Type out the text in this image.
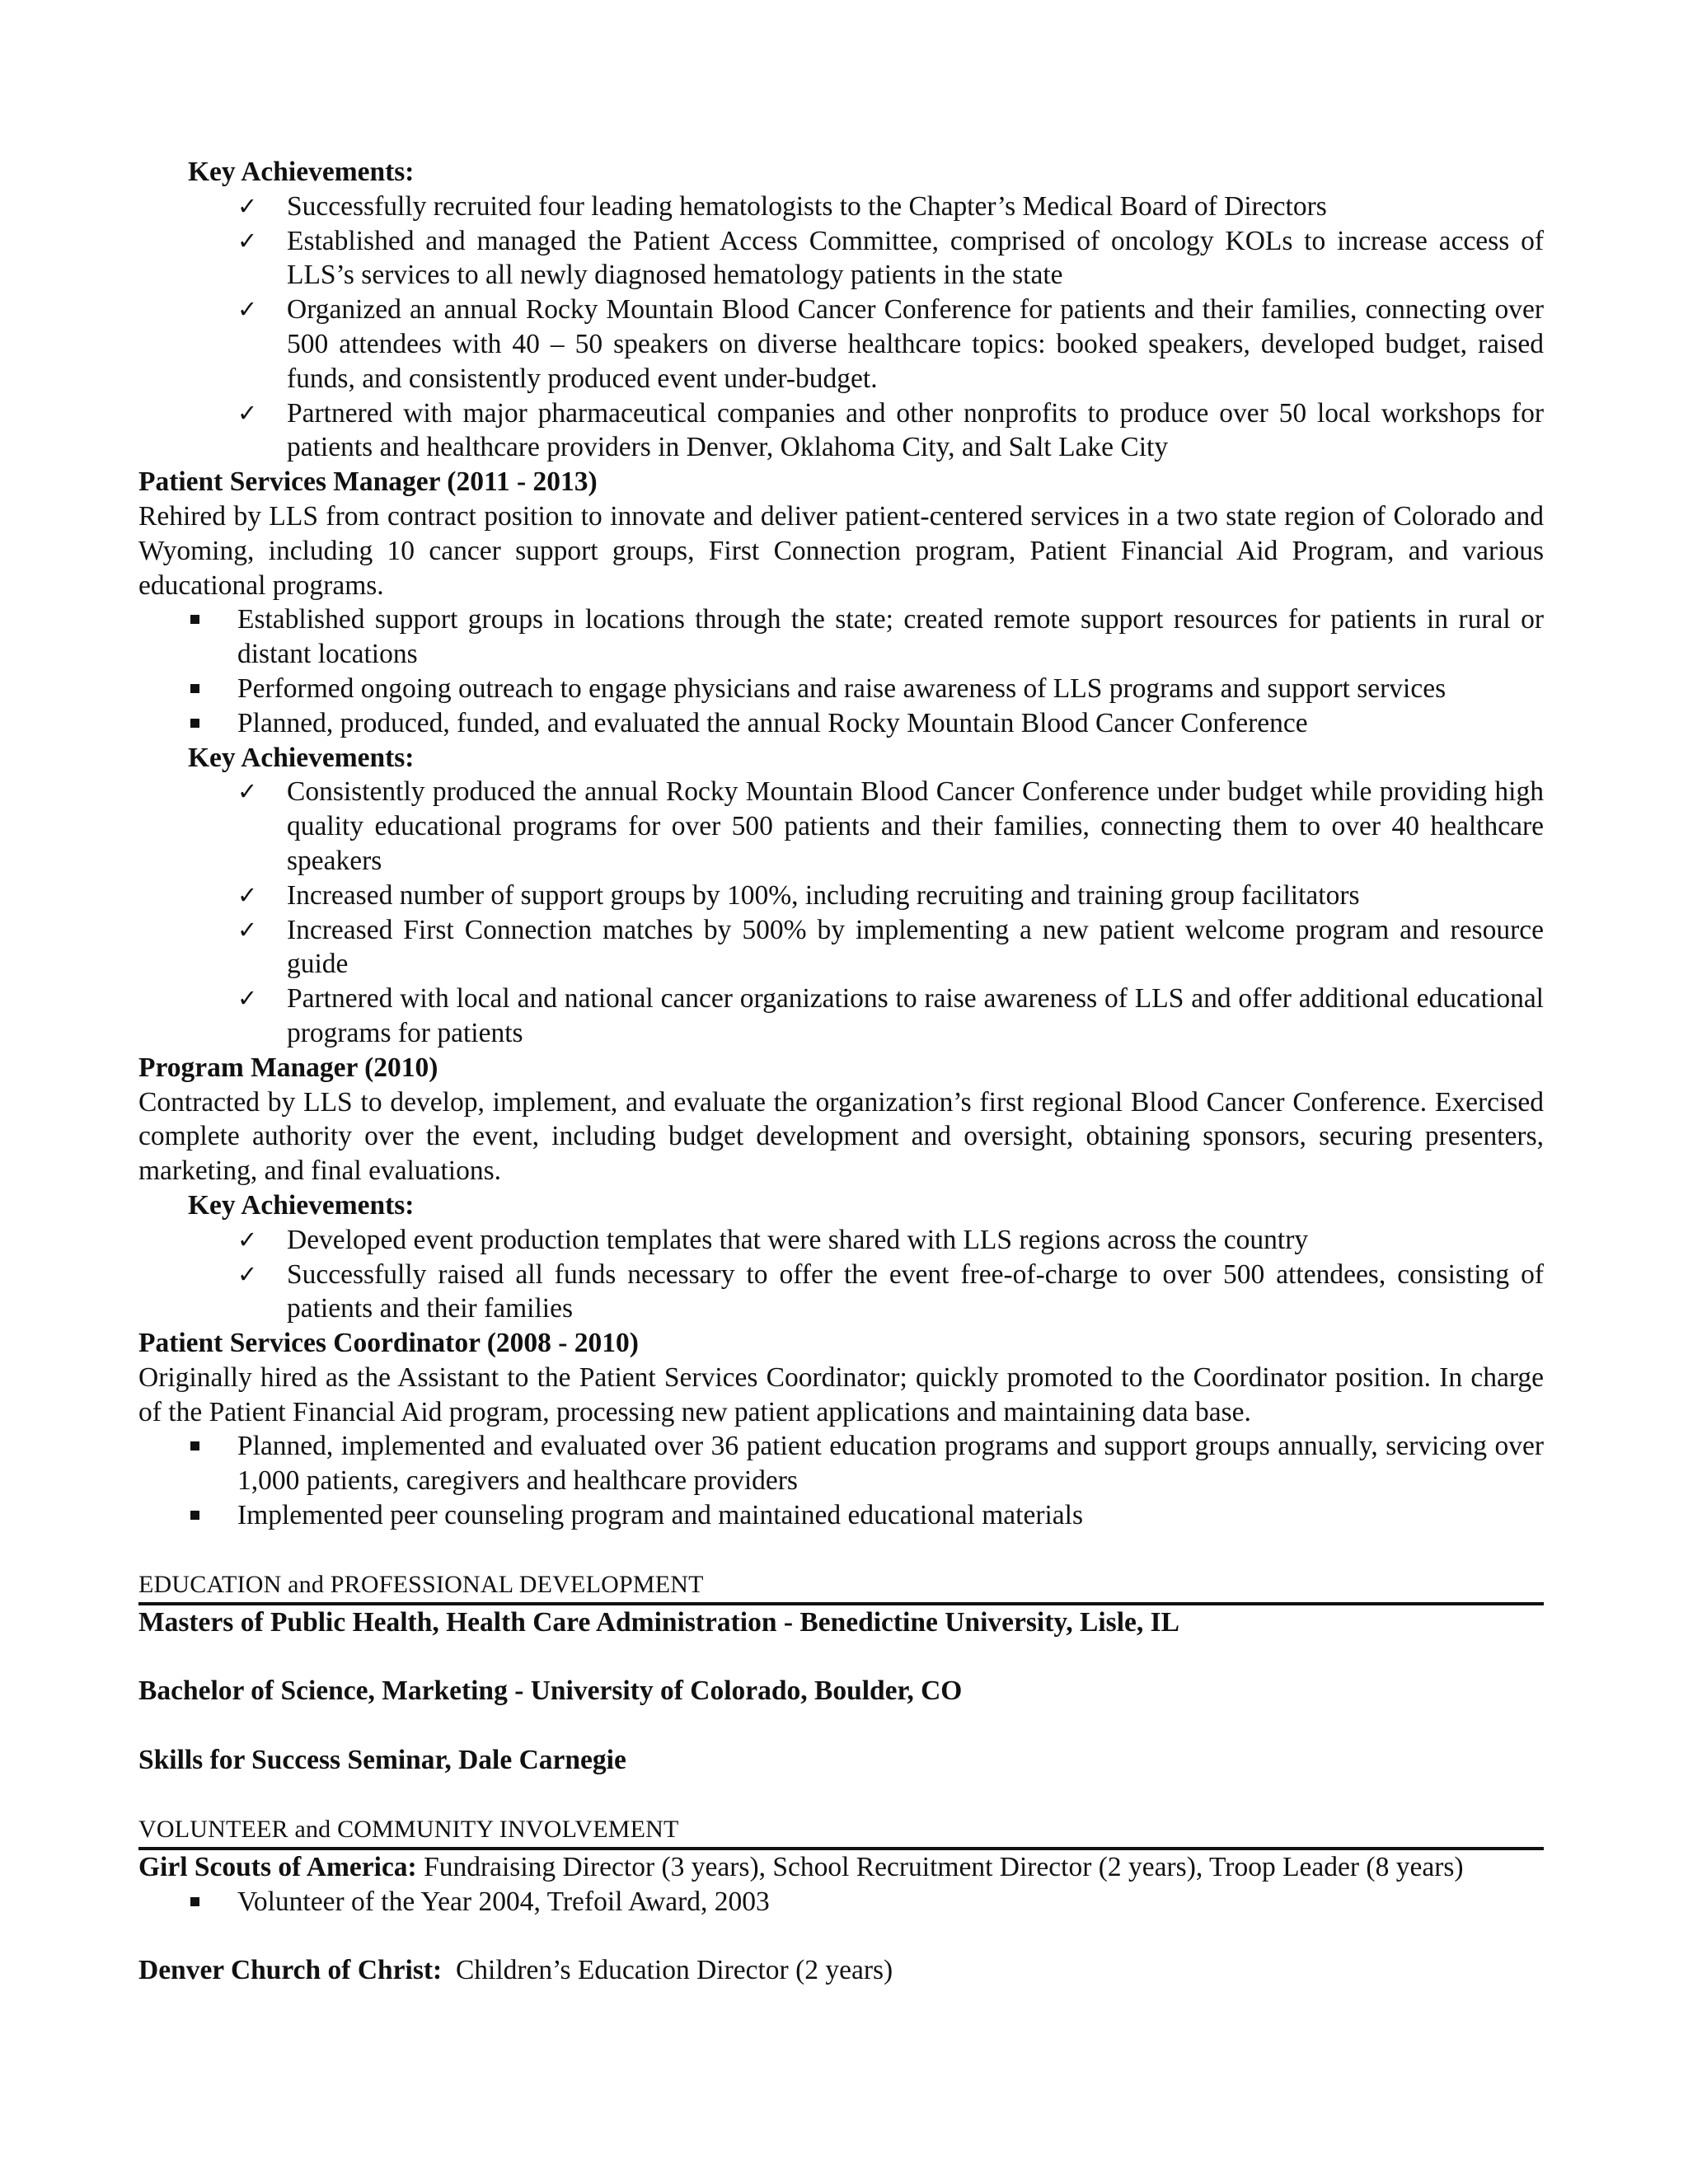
Key Achievements:
✓ Successfully recruited four leading hematologists to the Chapter’s Medical Board of Directors
✓ Established and managed the Patient Access Committee, comprised of oncology KOLs to increase access of LLS’s services to all newly diagnosed hematology patients in the state
✓ Organized an annual Rocky Mountain Blood Cancer Conference for patients and their families, connecting over 500 attendees with 40 – 50 speakers on diverse healthcare topics: booked speakers, developed budget, raised funds, and consistently produced event under-budget.
✓ Partnered with major pharmaceutical companies and other nonprofits to produce over 50 local workshops for patients and healthcare providers in Denver, Oklahoma City, and Salt Lake City
Patient Services Manager (2011 - 2013)
Rehired by LLS from contract position to innovate and deliver patient-centered services in a two state region of Colorado and Wyoming, including 10 cancer support groups, First Connection program, Patient Financial Aid Program, and various educational programs.
Established support groups in locations through the state; created remote support resources for patients in rural or distant locations
Performed ongoing outreach to engage physicians and raise awareness of LLS programs and support services
Planned, produced, funded, and evaluated the annual Rocky Mountain Blood Cancer Conference
Key Achievements:
✓ Consistently produced the annual Rocky Mountain Blood Cancer Conference under budget while providing high quality educational programs for over 500 patients and their families, connecting them to over 40 healthcare speakers
✓ Increased number of support groups by 100%, including recruiting and training group facilitators
✓ Increased First Connection matches by 500% by implementing a new patient welcome program and resource guide
✓ Partnered with local and national cancer organizations to raise awareness of LLS and offer additional educational programs for patients
Program Manager (2010)
Contracted by LLS to develop, implement, and evaluate the organization’s first regional Blood Cancer Conference. Exercised complete authority over the event, including budget development and oversight, obtaining sponsors, securing presenters, marketing, and final evaluations.
Key Achievements:
✓ Developed event production templates that were shared with LLS regions across the country
✓ Successfully raised all funds necessary to offer the event free-of-charge to over 500 attendees, consisting of patients and their families
Patient Services Coordinator (2008 - 2010)
Originally hired as the Assistant to the Patient Services Coordinator; quickly promoted to the Coordinator position. In charge of the Patient Financial Aid program, processing new patient applications and maintaining data base.
Planned, implemented and evaluated over 36 patient education programs and support groups annually, servicing over 1,000 patients, caregivers and healthcare providers
Implemented peer counseling program and maintained educational materials
EDUCATION and PROFESSIONAL DEVELOPMENT
Masters of Public Health, Health Care Administration - Benedictine University, Lisle, IL
Bachelor of Science, Marketing - University of Colorado, Boulder, CO
Skills for Success Seminar, Dale Carnegie
VOLUNTEER and COMMUNITY INVOLVEMENT
Girl Scouts of America: Fundraising Director (3 years), School Recruitment Director (2 years), Troop Leader (8 years)
Volunteer of the Year 2004, Trefoil Award, 2003
Denver Church of Christ:  Children’s Education Director (2 years)
